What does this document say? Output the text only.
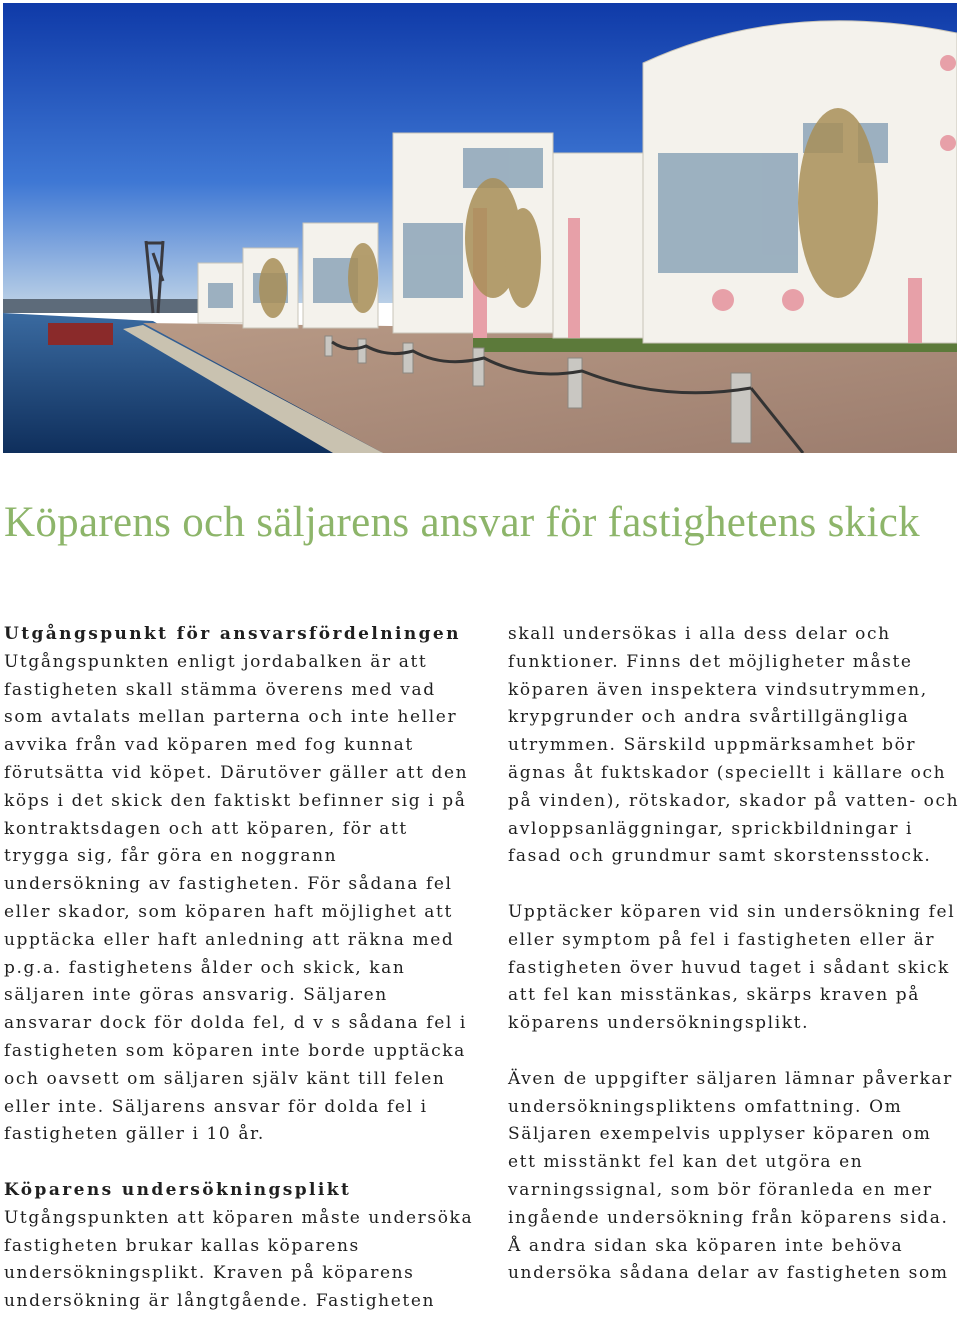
Köparens och säljarens ansvar för fastighetens skick
Utgångspunkt för ansvarsfördelningen

Utgångspunkten enligt jordabalken är att fastigheten skall stämma överens med vad som avtalats mellan parterna och inte heller avvika från vad köparen med fog kunnat förutsätta vid köpet. Därutöver gäller att den köps i det skick den faktiskt befinner sig i på kontraktsdagen och att köparen, för att trygga sig, får göra en noggrann undersökning av fastigheten. För sådana fel eller skador, som köparen haft möjlighet att upptäcka eller haft anledning att räkna med p.g.a. fastighetens ålder och skick, kan säljaren inte göras ansvarig. Säljaren ansvarar dock för dolda fel, d v s sådana fel i fastigheten som köparen inte borde upptäcka och oavsett om säljaren själv känt till felen eller inte. Säljarens ansvar för dolda fel i fastigheten gäller i 10 år.

Köparens undersökningsplikt

Utgångspunkten att köparen måste undersöka fastigheten brukar kallas köparens undersökningsplikt. Kraven på köparens undersökning är långtgående. Fastigheten

skall undersökas i alla dess delar och funktioner. Finns det möjligheter måste köparen även inspektera vindsutrymmen, krypgrunder och andra svårtillgängliga utrymmen. Särskild uppmärksamhet bör ägnas åt fuktskador (speciellt i källare och på vinden), rötskador, skador på vatten- och avloppsanläggningar, sprickbildningar i fasad och grundmur samt skorstensstock.

Upptäcker köparen vid sin undersökning fel eller symptom på fel i fastigheten eller är fastigheten över huvud taget i sådant skick att fel kan misstänkas, skärps kraven på köparens undersökningsplikt.

Även de uppgifter säljaren lämnar påverkar undersökningspliktens omfattning. Om Säljaren exempelvis upplyser köparen om ett misstänkt fel kan det utgöra en varningssignal, som bör föranleda en mer ingående undersökning från köparens sida. Å andra sidan ska köparen inte behöva undersöka sådana delar av fastigheten som
